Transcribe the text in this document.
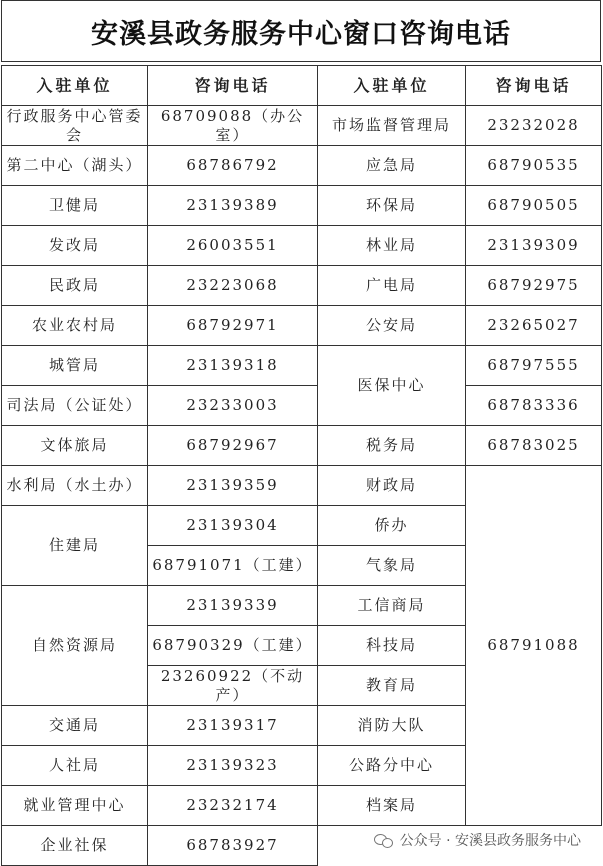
安溪县政务服务中心窗口咨询电话
入驻单位	咨询电话	入驻单位	咨询电话
行政服务中心管委会	68709088（办公室）	市场监督管理局	23232028
第二中心（湖头）	68786792	应急局	68790535
卫健局	23139389	环保局	68790505
发改局	26003551	林业局	23139309
民政局	23223068	广电局	68792975
农业农村局	68792971	公安局	23265027
城管局	23139318	医保中心	68797555
司法局（公证处）	23233003		68783336
文体旅局	68792967	税务局	68783025
水利局（水土办）	23139359	财政局	68791088
住建局	23139304	侨办	
	68791071（工建）	气象局	
自然资源局	23139339	工信商局	
	68790329（工建）	科技局	
	23260922（不动产）	教育局	
交通局	23139317	消防大队	
人社局	23139323	公路分中心	
就业管理中心	23232174	档案局	
企业社保	68783927			公众号 · 安溪县政务服务中心
